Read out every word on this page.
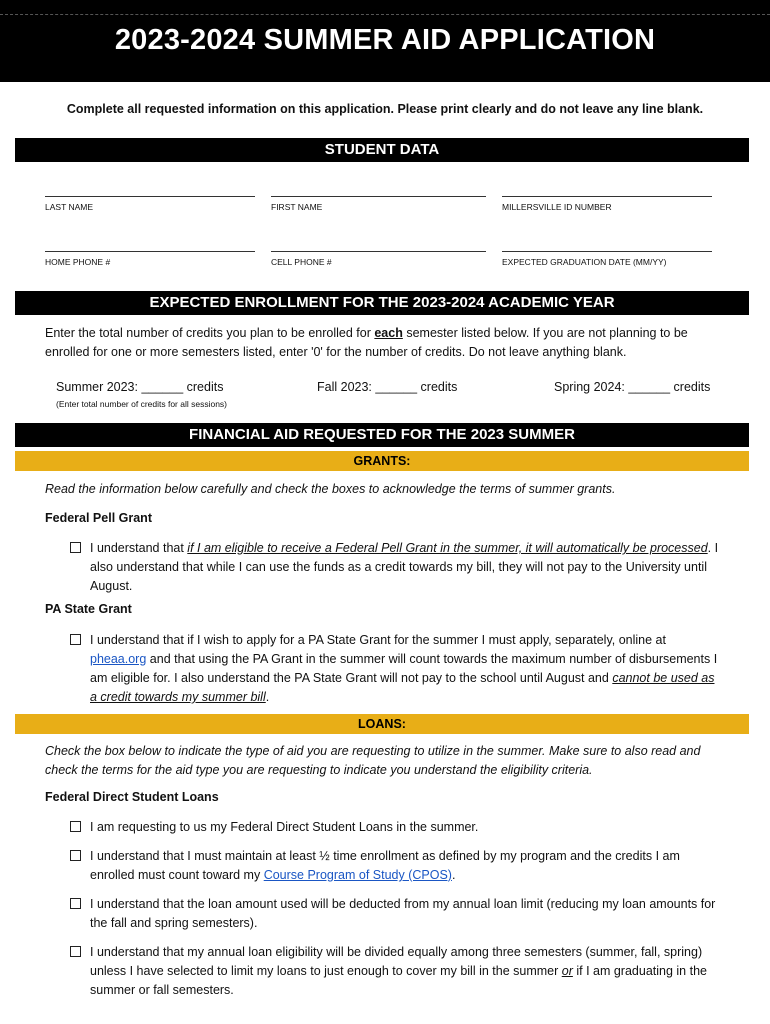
2023-2024 SUMMER AID APPLICATION
Complete all requested information on this application. Please print clearly and do not leave any line blank.
STUDENT DATA
LAST NAME	FIRST NAME	MILLERSVILLE ID NUMBER
HOME PHONE #	CELL PHONE #	EXPECTED GRADUATION DATE (MM/YY)
EXPECTED ENROLLMENT FOR THE 2023-2024 ACADEMIC YEAR
Enter the total number of credits you plan to be enrolled for each semester listed below. If you are not planning to be enrolled for one or more semesters listed, enter '0' for the number of credits. Do not leave anything blank.
Summer 2023: ______ credits
(Enter total number of credits for all sessions)
Fall 2023: ______ credits	Spring 2024: ______ credits
FINANCIAL AID REQUESTED FOR THE 2023 SUMMER
GRANTS:
Read the information below carefully and check the boxes to acknowledge the terms of summer grants.
Federal Pell Grant
I understand that if I am eligible to receive a Federal Pell Grant in the summer, it will automatically be processed. I also understand that while I can use the funds as a credit towards my bill, they will not pay to the University until August.
PA State Grant
I understand that if I wish to apply for a PA State Grant for the summer I must apply, separately, online at pheaa.org and that using the PA Grant in the summer will count towards the maximum number of disbursements I am eligible for. I also understand the PA State Grant will not pay to the school until August and cannot be used as a credit towards my summer bill.
LOANS:
Check the box below to indicate the type of aid you are requesting to utilize in the summer. Make sure to also read and check the terms for the aid type you are requesting to indicate you understand the eligibility criteria.
Federal Direct Student Loans
I am requesting to us my Federal Direct Student Loans in the summer.
I understand that I must maintain at least ½ time enrollment as defined by my program and the credits I am enrolled must count toward my Course Program of Study (CPOS).
I understand that the loan amount used will be deducted from my annual loan limit (reducing my loan amounts for the fall and spring semesters).
I understand that my annual loan eligibility will be divided equally among three semesters (summer, fall, spring) unless I have selected to limit my loans to just enough to cover my bill in the summer or if I am graduating in the summer or fall semesters.
